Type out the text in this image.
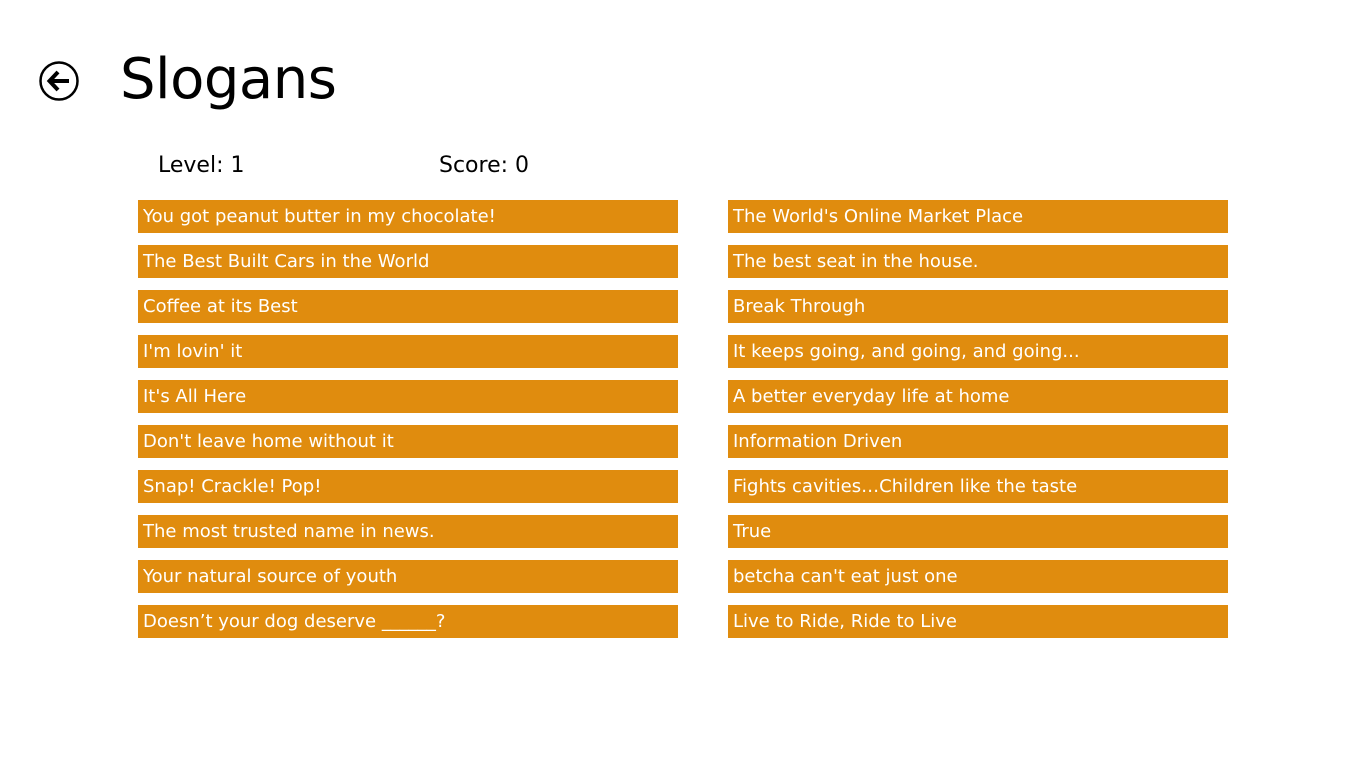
Slogans
Level: 1	Score: 0
You got peanut butter in my chocolate!
The Best Built Cars in the World
Coffee at its Best
I'm lovin' it
It's All Here
Don't leave home without it
Snap! Crackle! Pop!
The most trusted name in news.
Your natural source of youth
Doesn’t your dog deserve ______?
The World's Online Market Place
The best seat in the house.
Break Through
It keeps going, and going, and going...
A better everyday life at home
Information Driven
Fights cavities…Children like the taste
True
betcha can't eat just one
Live to Ride, Ride to Live
